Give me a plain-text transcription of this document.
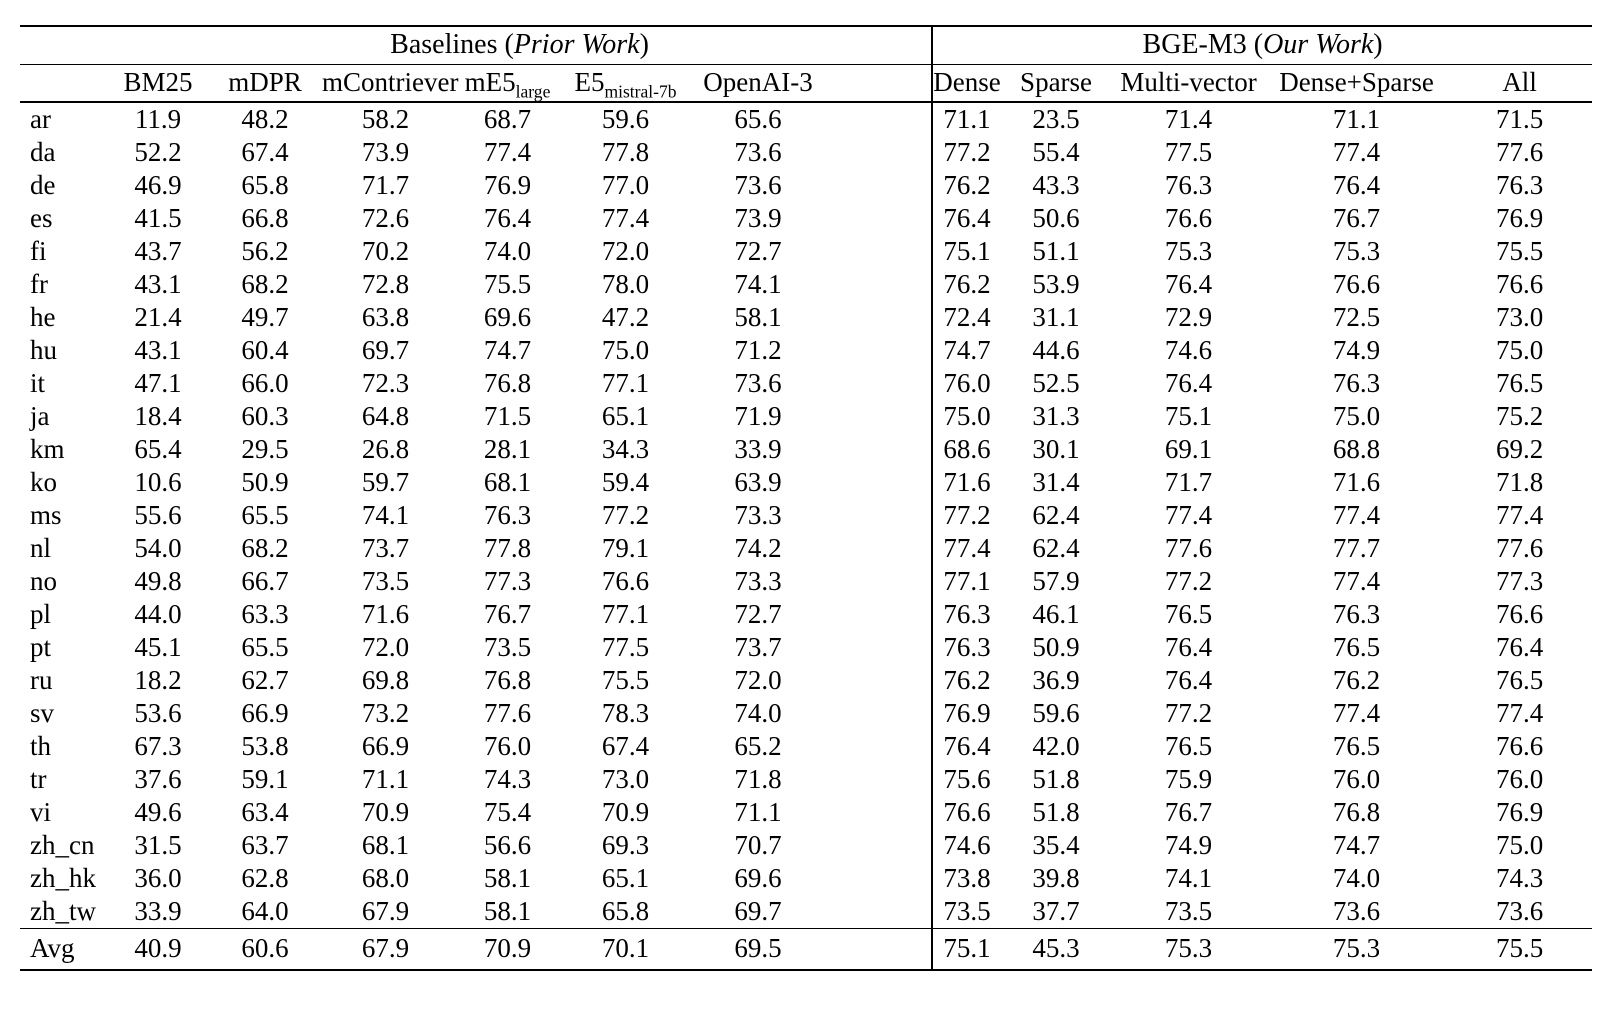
	Baselines (Prior Work)						BGE-M3 (Our Work)				
	BM25	mDPR	mContriever	$mE5_{large}$	$E5_{mistral-7b}$	OpenAI-3	Dense	Sparse	Multi-vector	Dense+Sparse	All
ar	11.9	48.2	58.2	68.7	59.6	65.6	71.1	23.5	71.4	71.1	71.5
da	52.2	67.4	73.9	77.4	77.8	73.6	77.2	55.4	77.5	77.4	77.6
de	46.9	65.8	71.7	76.9	77.0	73.6	76.2	43.3	76.3	76.4	76.3
es	41.5	66.8	72.6	76.4	77.4	73.9	76.4	50.6	76.6	76.7	76.9
fi	43.7	56.2	70.2	74.0	72.0	72.7	75.1	51.1	75.3	75.3	75.5
fr	43.1	68.2	72.8	75.5	78.0	74.1	76.2	53.9	76.4	76.6	76.6
he	21.4	49.7	63.8	69.6	47.2	58.1	72.4	31.1	72.9	72.5	73.0
hu	43.1	60.4	69.7	74.7	75.0	71.2	74.7	44.6	74.6	74.9	75.0
it	47.1	66.0	72.3	76.8	77.1	73.6	76.0	52.5	76.4	76.3	76.5
ja	18.4	60.3	64.8	71.5	65.1	71.9	75.0	31.3	75.1	75.0	75.2
km	65.4	29.5	26.8	28.1	34.3	33.9	68.6	30.1	69.1	68.8	69.2
ko	10.6	50.9	59.7	68.1	59.4	63.9	71.6	31.4	71.7	71.6	71.8
ms	55.6	65.5	74.1	76.3	77.2	73.3	77.2	62.4	77.4	77.4	77.4
nl	54.0	68.2	73.7	77.8	79.1	74.2	77.4	62.4	77.6	77.7	77.6
no	49.8	66.7	73.5	77.3	76.6	73.3	77.1	57.9	77.2	77.4	77.3
pl	44.0	63.3	71.6	76.7	77.1	72.7	76.3	46.1	76.5	76.3	76.6
pt	45.1	65.5	72.0	73.5	77.5	73.7	76.3	50.9	76.4	76.5	76.4
ru	18.2	62.7	69.8	76.8	75.5	72.0	76.2	36.9	76.4	76.2	76.5
sv	53.6	66.9	73.2	77.6	78.3	74.0	76.9	59.6	77.2	77.4	77.4
th	67.3	53.8	66.9	76.0	67.4	65.2	76.4	42.0	76.5	76.5	76.6
tr	37.6	59.1	71.1	74.3	73.0	71.8	75.6	51.8	75.9	76.0	76.0
vi	49.6	63.4	70.9	75.4	70.9	71.1	76.6	51.8	76.7	76.8	76.9
zh_cn	31.5	63.7	68.1	56.6	69.3	70.7	74.6	35.4	74.9	74.7	75.0
zh_hk	36.0	62.8	68.0	58.1	65.1	69.6	73.8	39.8	74.1	74.0	74.3
zh_tw	33.9	64.0	67.9	58.1	65.8	69.7	73.5	37.7	73.5	73.6	73.6
Avg	40.9	60.6	67.9	70.9	70.1	69.5	75.1	45.3	75.3	75.3	75.5
